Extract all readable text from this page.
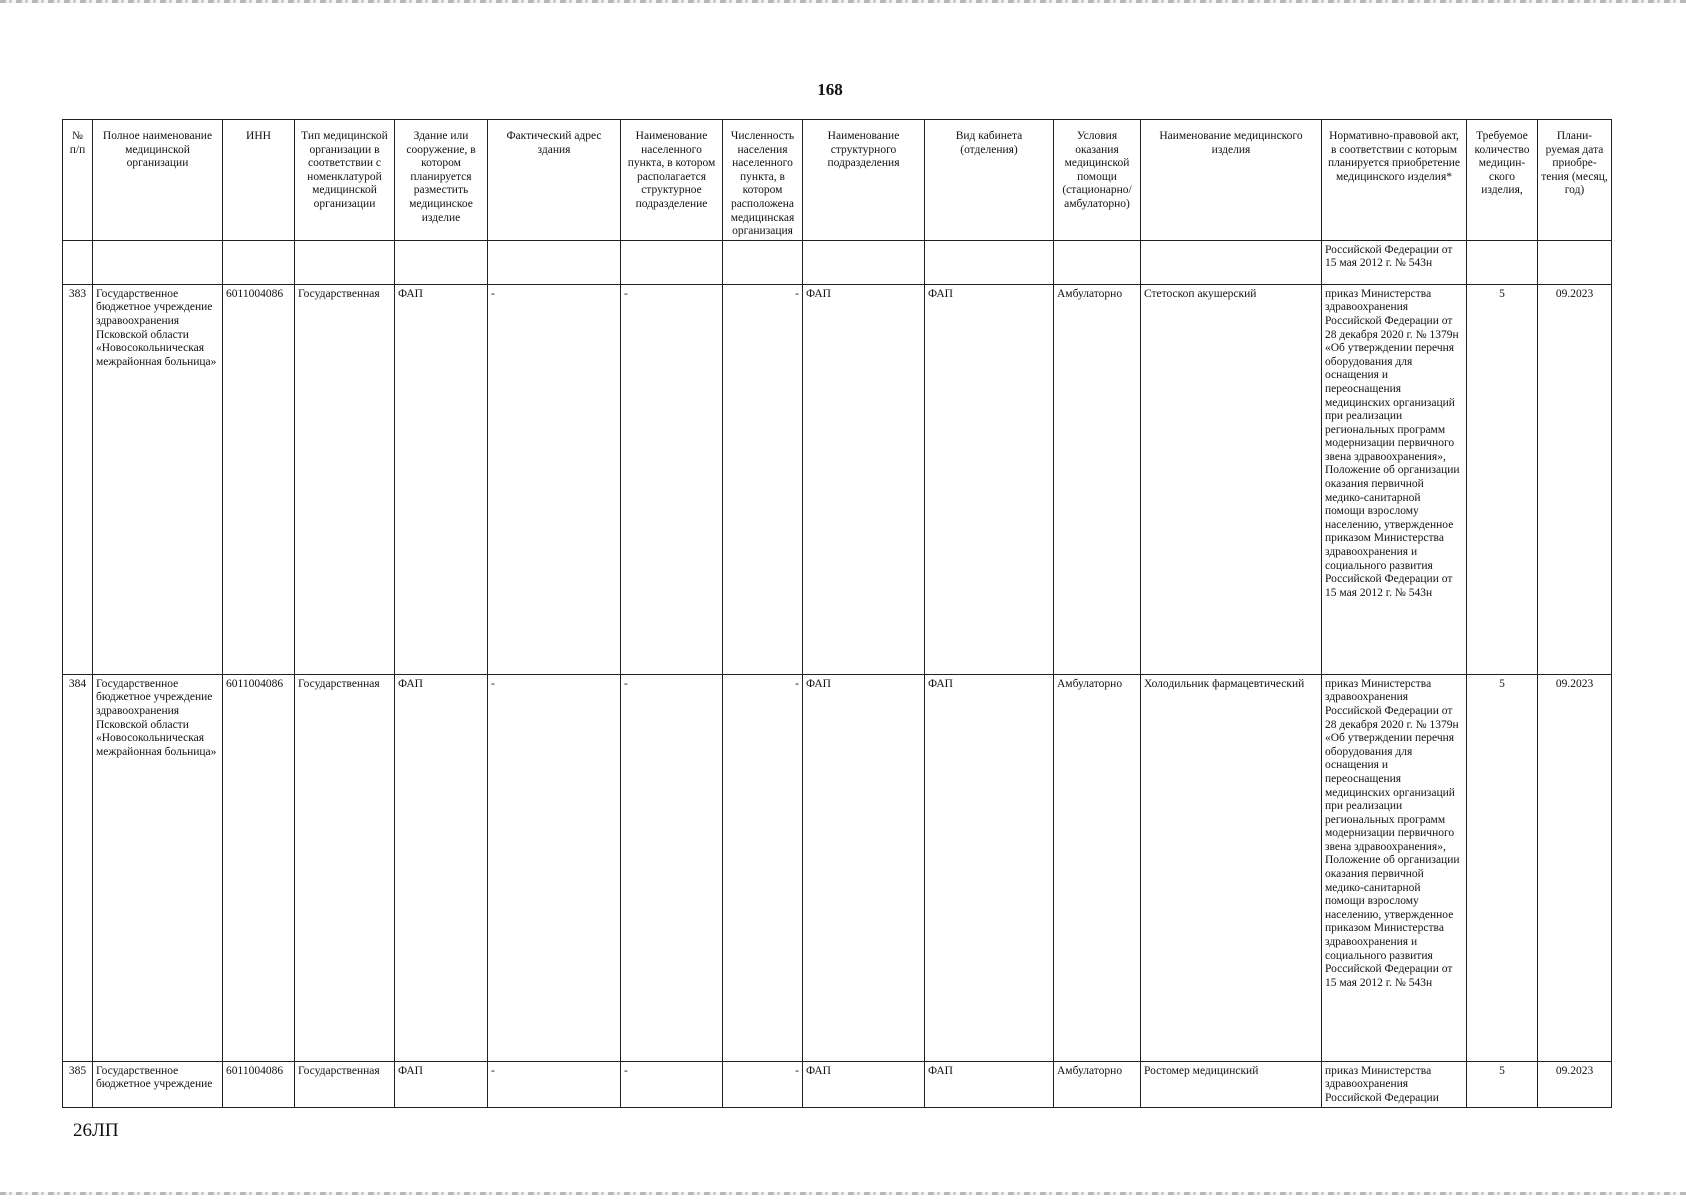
168
№ п/п	Полное наименование медицинской организации	ИНН	Тип медицинской организации в соответствии с номенклатурой медицинской организации	Здание или сооружение, в котором планируется разместить медицинское изделие	Фактический адрес здания	Наименование населенного пункта, в котором располагается структурное подразделение	Численность населения населенного пункта, в котором расположена медицинская организация	Наименование структурного подразделения	Вид кабинета (отделения)	Условия оказания медицинской помощи (стационарно/ амбулаторно)	Наименование медицинского изделия	Нормативно-правовой акт, в соответствии с которым планируется приобретение медицинского изделия*	Требуемое количество медицин-ского изделия,	Плани-руемая дата приобре-тения (месяц, год)
												Российской Федерации от 15 мая 2012 г. № 543н		
383	Государственное бюджетное учреждение здравоохранения Псковской области «Новосокольническая межрайонная больница»	6011004086	Государственная	ФАП	-	-	-	ФАП	ФАП	Амбулаторно	Стетоскоп акушерский	приказ Министерства здравоохранения Российской Федерации от 28 декабря 2020 г. № 1379н «Об утверждении перечня оборудования для оснащения и переоснащения медицинских организаций при реализации региональных программ модернизации первичного звена здравоохранения», Положение об организации оказания первичной медико-санитарной помощи взрослому населению, утвержденное приказом Министерства здравоохранения и социального развития Российской Федерации от 15 мая 2012 г. № 543н	5	09.2023
384	Государственное бюджетное учреждение здравоохранения Псковской области «Новосокольническая межрайонная больница»	6011004086	Государственная	ФАП	-	-	-	ФАП	ФАП	Амбулаторно	Холодильник фармацевтический	приказ Министерства здравоохранения Российской Федерации от 28 декабря 2020 г. № 1379н «Об утверждении перечня оборудования для оснащения и переоснащения медицинских организаций при реализации региональных программ модернизации первичного звена здравоохранения», Положение об организации оказания первичной медико-санитарной помощи взрослому населению, утвержденное приказом Министерства здравоохранения и социального развития Российской Федерации от 15 мая 2012 г. № 543н	5	09.2023
385	Государственное бюджетное учреждение	6011004086	Государственная	ФАП	-	-	-	ФАП	ФАП	Амбулаторно	Ростомер медицинский	приказ Министерства здравоохранения Российской Федерации	5	09.2023
26ЛП
